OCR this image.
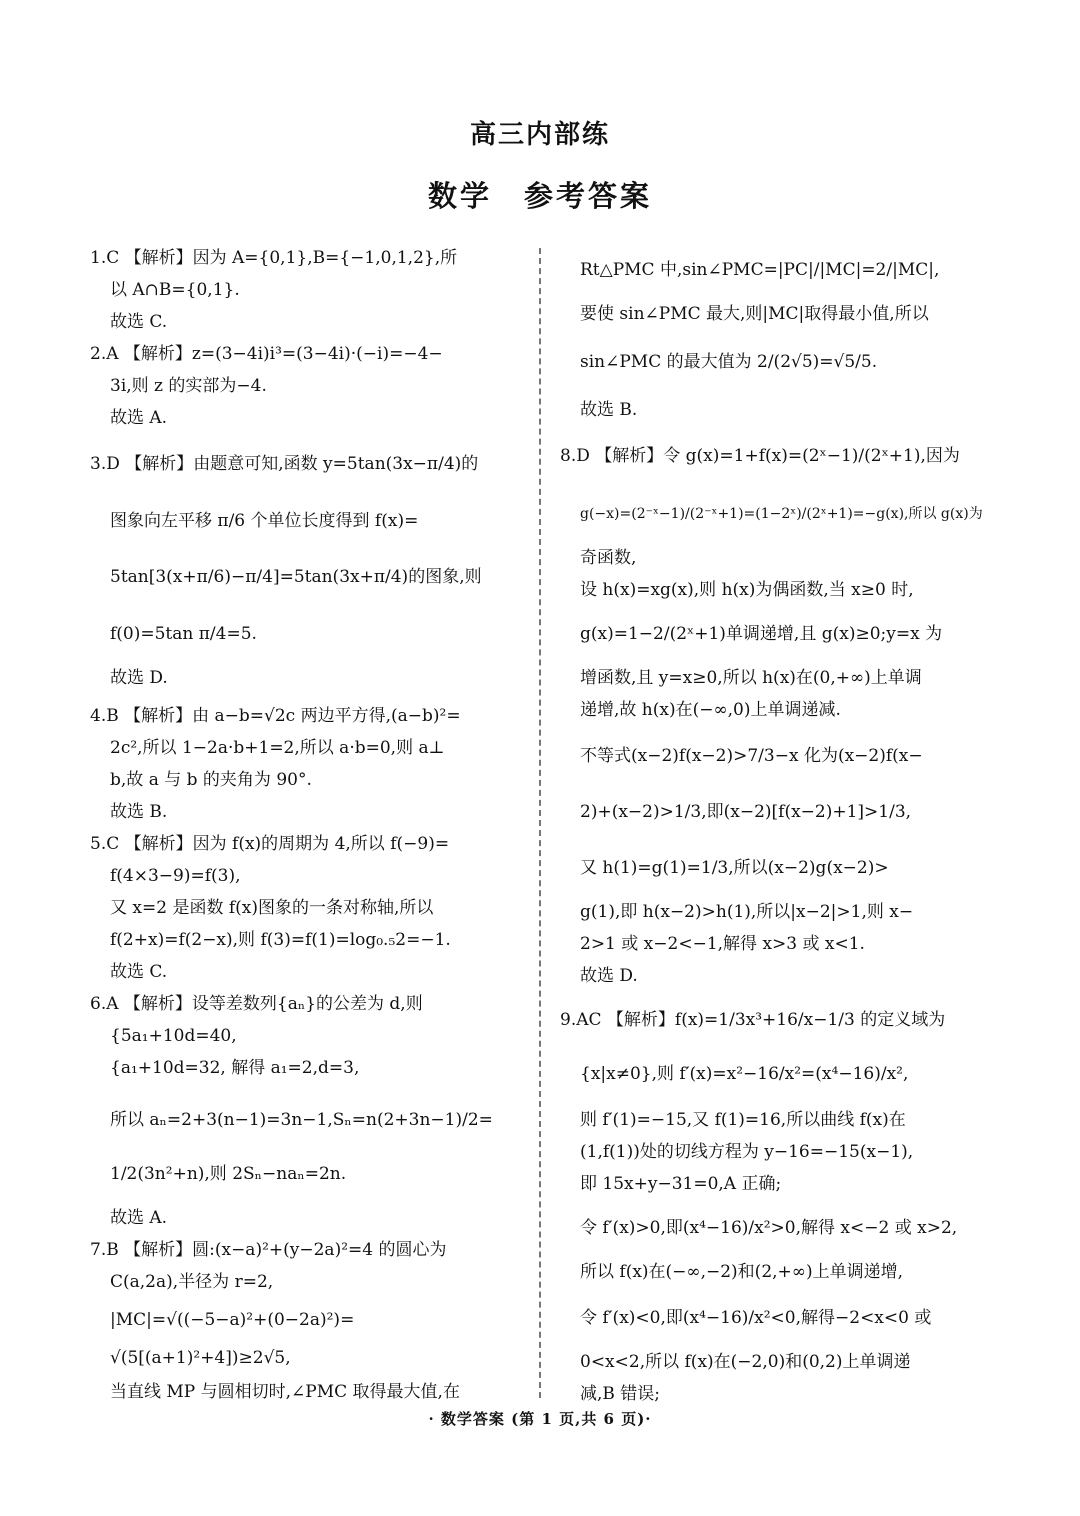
高三内部练
数学　参考答案
1.C 【解析】因为 A={0,1},B={−1,0,1,2},所
以 A∩B={0,1}.
故选 C.
2.A 【解析】z=(3−4i)i³=(3−4i)·(−i)=−4−
3i,则 z 的实部为−4.
故选 A.
3.D 【解析】由题意可知,函数 y=5tan(3x−π/4)的
图象向左平移 π/6 个单位长度得到 f(x)=
5tan[3(x+π/6)−π/4]=5tan(3x+π/4)的图象,则
f(0)=5tan π/4=5.
故选 D.
4.B 【解析】由 a−b=√2c 两边平方得,(a−b)²=
2c²,所以 1−2a·b+1=2,所以 a·b=0,则 a⊥
b,故 a 与 b 的夹角为 90°.
故选 B.
5.C 【解析】因为 f(x)的周期为 4,所以 f(−9)=
f(4×3−9)=f(3),
又 x=2 是函数 f(x)图象的一条对称轴,所以
f(2+x)=f(2−x),则 f(3)=f(1)=log₀.₅2=−1.
故选 C.
6.A 【解析】设等差数列{aₙ}的公差为 d,则
{5a₁+10d=40,
{a₁+10d=32, 解得 a₁=2,d=3,
所以 aₙ=2+3(n−1)=3n−1,Sₙ=n(2+3n−1)/2=
1/2(3n²+n),则 2Sₙ−naₙ=2n.
故选 A.
7.B 【解析】圆:(x−a)²+(y−2a)²=4 的圆心为
C(a,2a),半径为 r=2,
|MC|=√((−5−a)²+(0−2a)²)=
√(5[(a+1)²+4])≥2√5,
当直线 MP 与圆相切时,∠PMC 取得最大值,在
Rt△PMC 中,sin∠PMC=|PC|/|MC|=2/|MC|,
要使 sin∠PMC 最大,则|MC|取得最小值,所以
sin∠PMC 的最大值为 2/(2√5)=√5/5.
故选 B.
8.D 【解析】令 g(x)=1+f(x)=(2ˣ−1)/(2ˣ+1),因为
g(−x)=(2⁻ˣ−1)/(2⁻ˣ+1)=(1−2ˣ)/(2ˣ+1)=−g(x),所以 g(x)为
奇函数,
设 h(x)=xg(x),则 h(x)为偶函数,当 x≥0 时,
g(x)=1−2/(2ˣ+1)单调递增,且 g(x)≥0;y=x 为
增函数,且 y=x≥0,所以 h(x)在(0,+∞)上单调
递增,故 h(x)在(−∞,0)上单调递减.
不等式(x−2)f(x−2)>7/3−x 化为(x−2)f(x−
2)+(x−2)>1/3,即(x−2)[f(x−2)+1]>1/3,
又 h(1)=g(1)=1/3,所以(x−2)g(x−2)>
g(1),即 h(x−2)>h(1),所以|x−2|>1,则 x−
2>1 或 x−2<−1,解得 x>3 或 x<1.
故选 D.
9.AC 【解析】f(x)=1/3x³+16/x−1/3 的定义域为
{x|x≠0},则 f′(x)=x²−16/x²=(x⁴−16)/x²,
则 f′(1)=−15,又 f(1)=16,所以曲线 f(x)在
(1,f(1))处的切线方程为 y−16=−15(x−1),
即 15x+y−31=0,A 正确;
令 f′(x)>0,即(x⁴−16)/x²>0,解得 x<−2 或 x>2,
所以 f(x)在(−∞,−2)和(2,+∞)上单调递增,
令 f′(x)<0,即(x⁴−16)/x²<0,解得−2<x<0 或
0<x<2,所以 f(x)在(−2,0)和(0,2)上单调递
减,B 错误;
· 数学答案 (第 1 页,共 6 页)·
